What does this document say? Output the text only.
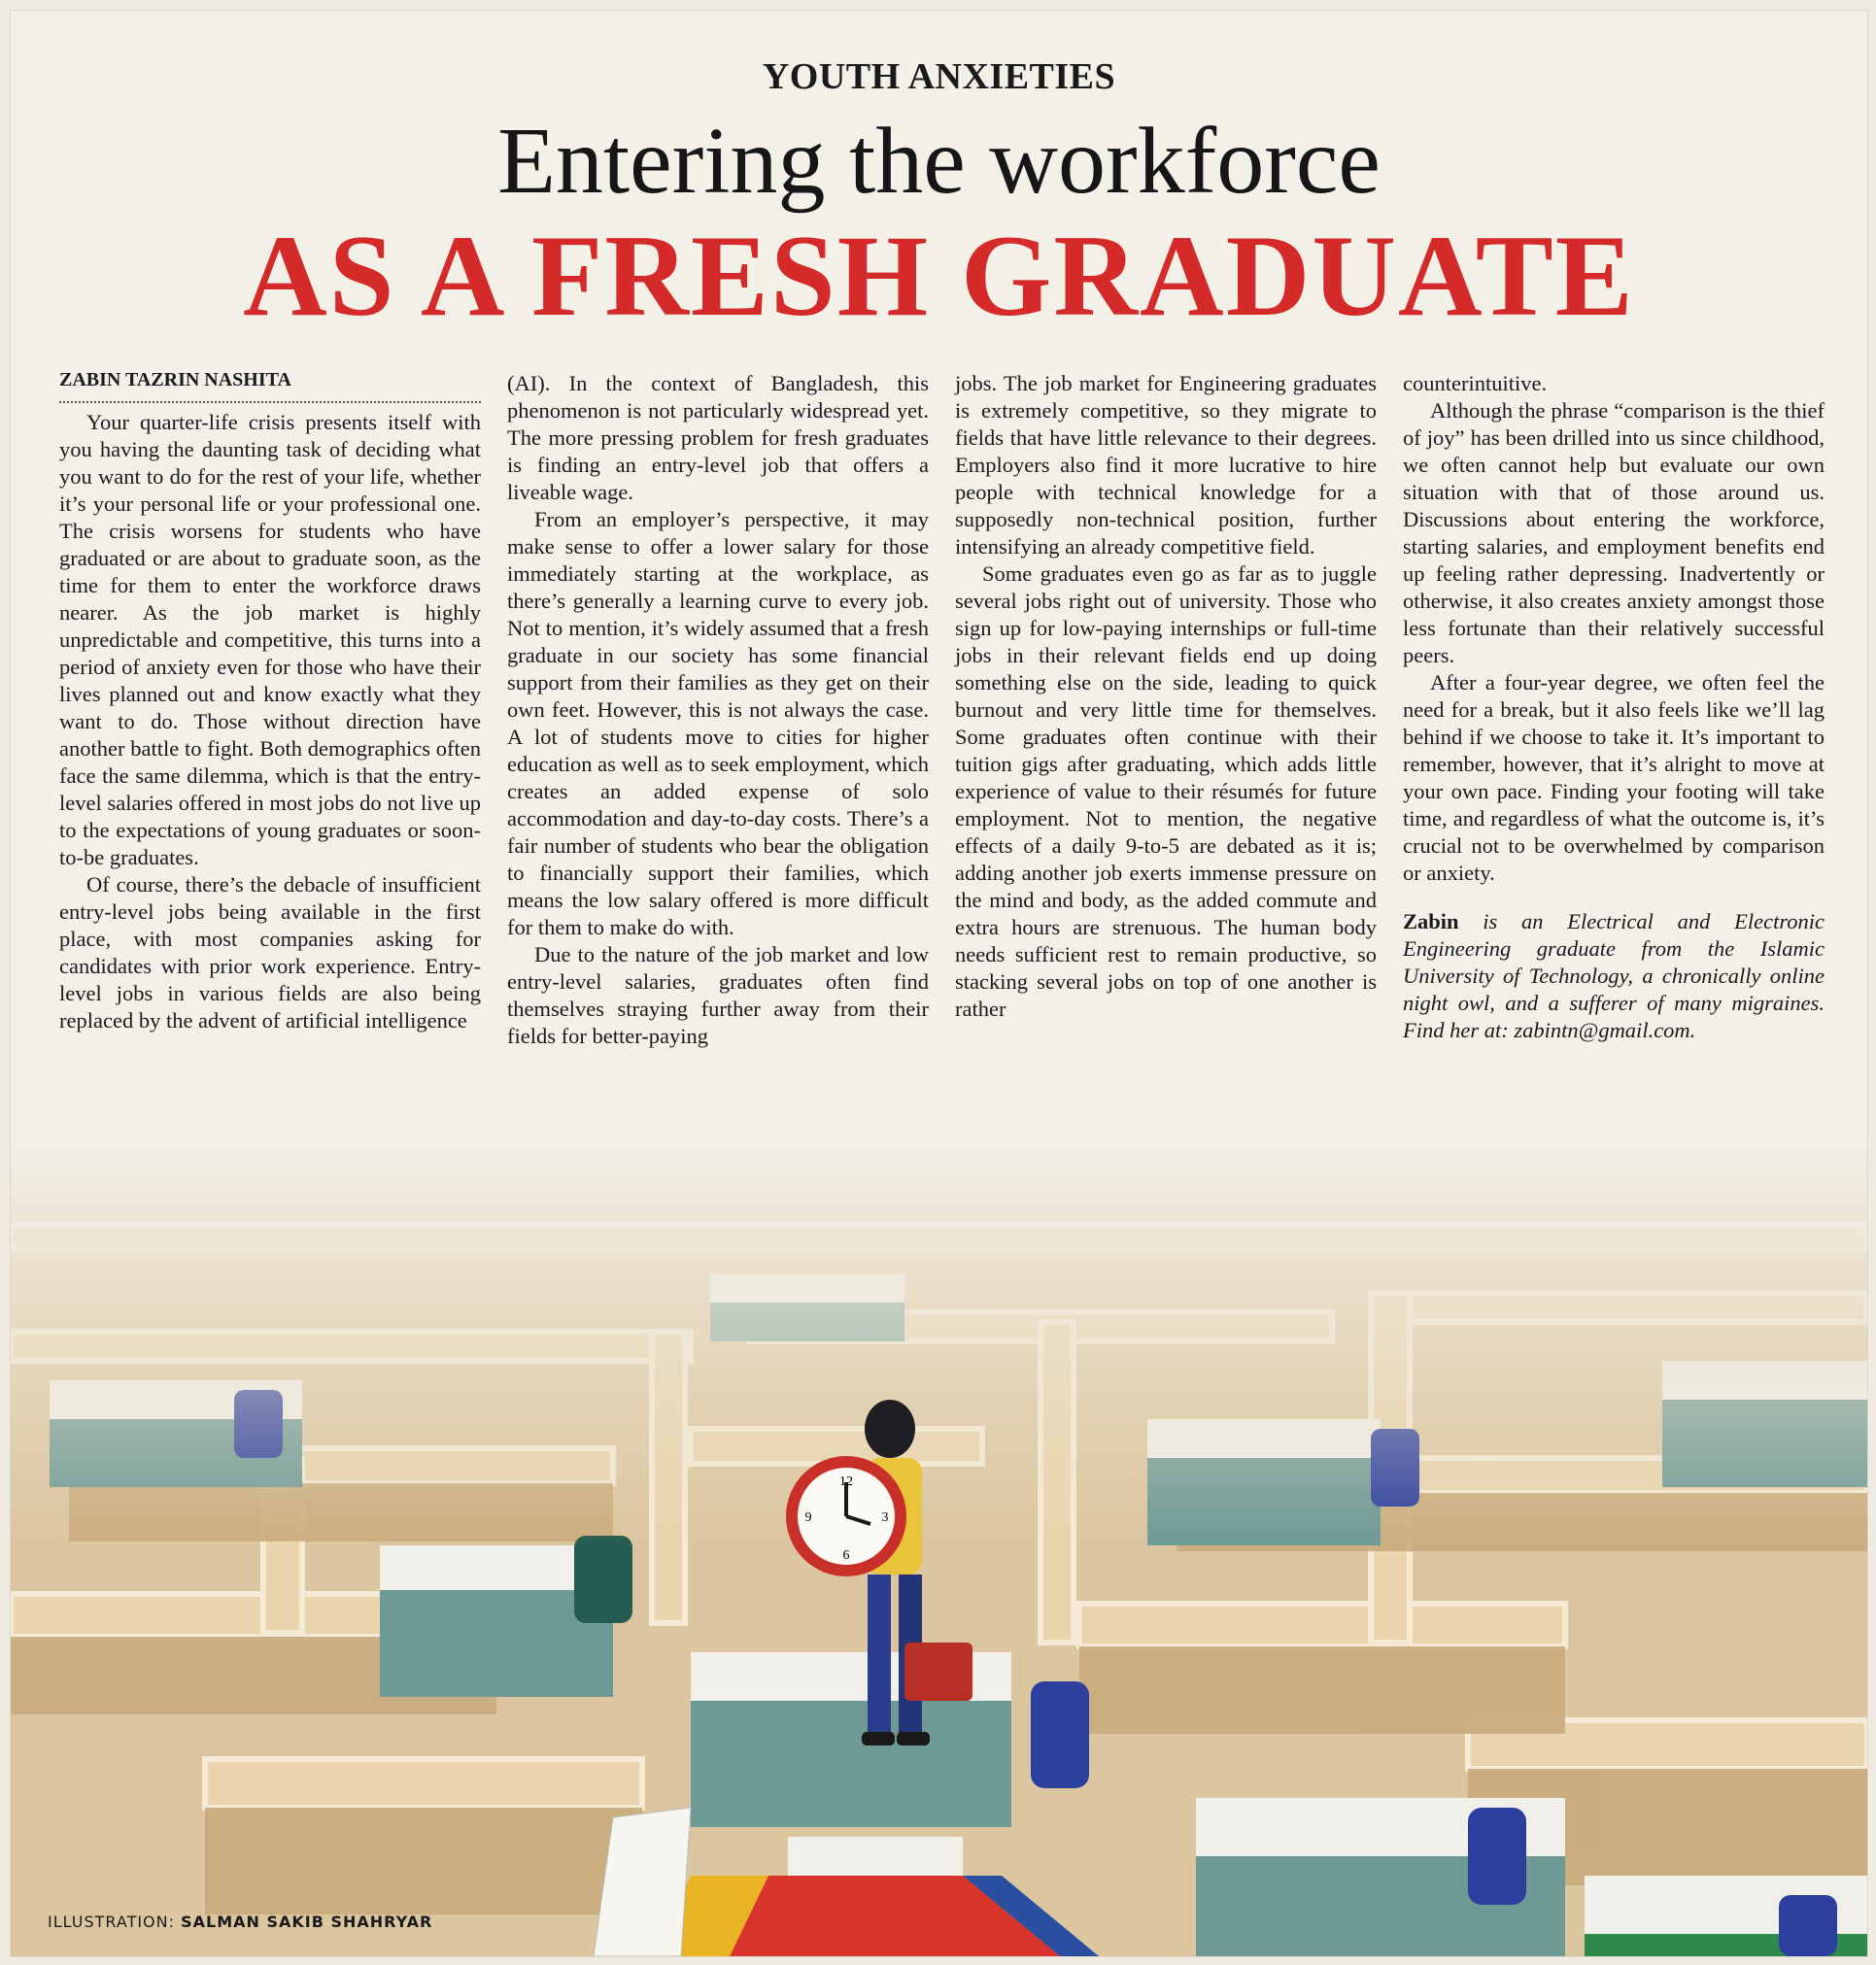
YOUTH ANXIETIES
Entering the workforce
AS A FRESH GRADUATE
ZABIN TAZRIN NASHITA

Your quarter-life crisis presents itself with you having the daunting task of deciding what you want to do for the rest of your life, whether it’s your personal life or your professional one. The crisis worsens for students who have graduated or are about to graduate soon, as the time for them to enter the workforce draws nearer. As the job market is highly unpredictable and competitive, this turns into a period of anxiety even for those who have their lives planned out and know exactly what they want to do. Those without direction have another battle to fight. Both demographics often face the same dilemma, which is that the entry-level salaries offered in most jobs do not live up to the expectations of young graduates or soon-to-be graduates.

Of course, there’s the debacle of insufficient entry-level jobs being available in the first place, with most companies asking for candidates with prior work experience. Entry-level jobs in various fields are also being replaced by the advent of artificial intelligence

(AI). In the context of Bangladesh, this phenomenon is not particularly widespread yet. The more pressing problem for fresh graduates is finding an entry-level job that offers a liveable wage.

From an employer’s perspective, it may make sense to offer a lower salary for those immediately starting at the workplace, as there’s generally a learning curve to every job. Not to mention, it’s widely assumed that a fresh graduate in our society has some financial support from their families as they get on their own feet. However, this is not always the case. A lot of students move to cities for higher education as well as to seek employment, which creates an added expense of solo accommodation and day-to-day costs. There’s a fair number of students who bear the obligation to financially support their families, which means the low salary offered is more difficult for them to make do with.

Due to the nature of the job market and low entry-level salaries, graduates often find themselves straying further away from their fields for better-paying

jobs. The job market for Engineering graduates is extremely competitive, so they migrate to fields that have little relevance to their degrees. Employers also find it more lucrative to hire people with technical knowledge for a supposedly non-technical position, further intensifying an already competitive field.

Some graduates even go as far as to juggle several jobs right out of university. Those who sign up for low-paying internships or full-time jobs in their relevant fields end up doing something else on the side, leading to quick burnout and very little time for themselves. Some graduates often continue with their tuition gigs after graduating, which adds little experience of value to their résumés for future employment. Not to mention, the negative effects of a daily 9-to-5 are debated as it is; adding another job exerts immense pressure on the mind and body, as the added commute and extra hours are strenuous. The human body needs sufficient rest to remain productive, so stacking several jobs on top of one another is rather

counterintuitive.

Although the phrase “comparison is the thief of joy” has been drilled into us since childhood, we often cannot help but evaluate our own situation with that of those around us. Discussions about entering the workforce, starting salaries, and employment benefits end up feeling rather depressing. Inadvertently or otherwise, it also creates anxiety amongst those less fortunate than their relatively successful peers.

After a four-year degree, we often feel the need for a break, but it also feels like we’ll lag behind if we choose to take it. It’s important to remember, however, that it’s alright to move at your own pace. Finding your footing will take time, and regardless of what the outcome is, it’s crucial not to be overwhelmed by comparison or anxiety.

Zabin is an Electrical and Electronic Engineering graduate from the Islamic University of Technology, a chronically online night owl, and a sufferer of many migraines. Find her at: zabintn@gmail.com.

12
3
6
9
ILLUSTRATION: SALMAN SAKIB SHAHRYAR
